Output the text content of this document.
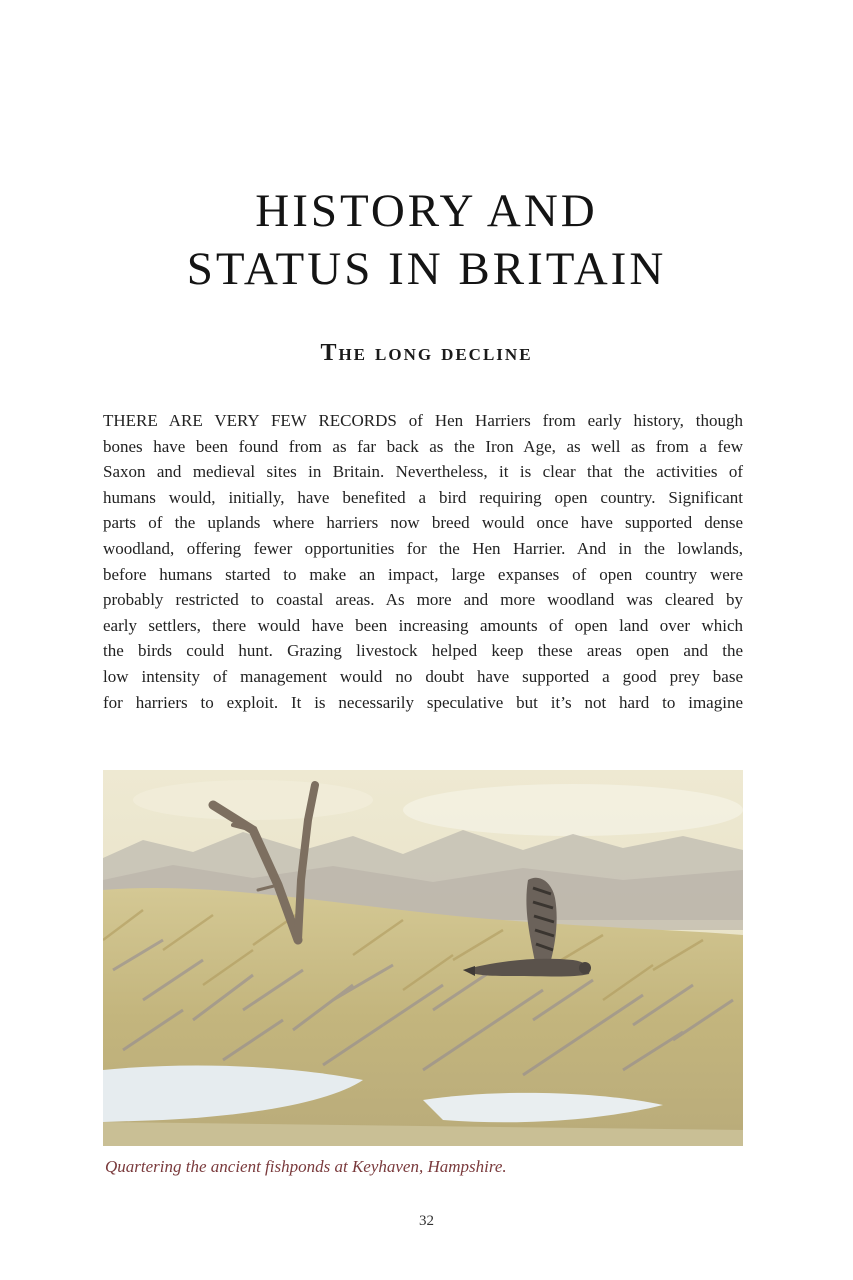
HISTORY AND
STATUS IN BRITAIN
The long decline
THERE ARE VERY FEW RECORDS of Hen Harriers from early history, though
bones have been found from as far back as the Iron Age, as well as from a few
Saxon and medieval sites in Britain. Nevertheless, it is clear that the activities of
humans would, initially, have benefited a bird requiring open country. Significant
parts of the uplands where harriers now breed would once have supported dense
woodland, offering fewer opportunities for the Hen Harrier. And in the lowlands,
before humans started to make an impact, large expanses of open country were
probably restricted to coastal areas. As more and more woodland was cleared by
early settlers, there would have been increasing amounts of open land over which
the birds could hunt. Grazing livestock helped keep these areas open and the
low intensity of management would no doubt have supported a good prey base
for harriers to exploit. It is necessarily speculative but it’s not hard to imagine

Quartering the ancient fishponds at Keyhaven, Hampshire.

32
